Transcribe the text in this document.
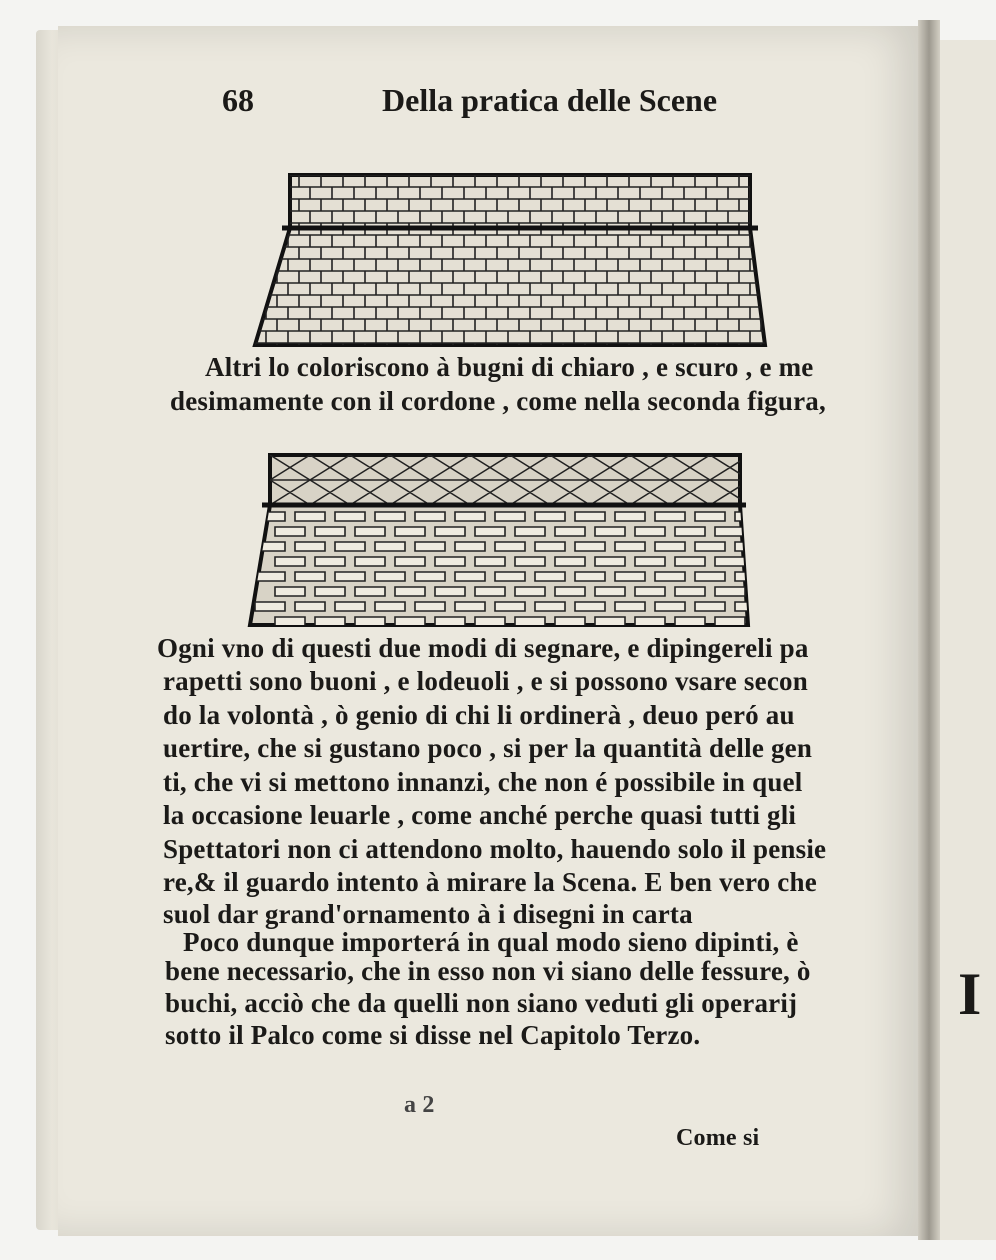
68	Della pratica delle Scene
Altri lo coloriscono à bugni di chiaro , e scuro , e me
desimamente con il cordone , come nella seconda figura,
Ogni vno di questi due modi di segnare, e dipingereli pa
rapetti sono buoni , e lodeuoli , e si possono vsare secon
do la volontà , ò genio di chi li ordinerà , deuo peró au
uertire, che si gustano poco , si per la quantità delle gen
ti, che vi si mettono innanzi, che non é possibile in quel
la occasione leuarle , come anché perche quasi tutti gli
Spettatori non ci attendono molto, hauendo solo il pensie
re,& il guardo intento à mirare la Scena. E ben vero che
suol dar grand'ornamento à i disegni in carta
Poco dunque importerá in qual modo sieno dipinti, è
bene necessario, che in esso non vi siano delle fessure, ò
buchi, acciò che da quelli non siano veduti gli operarij
sotto il Palco come si disse nel Capitolo Terzo.
a 2
Come si
I
